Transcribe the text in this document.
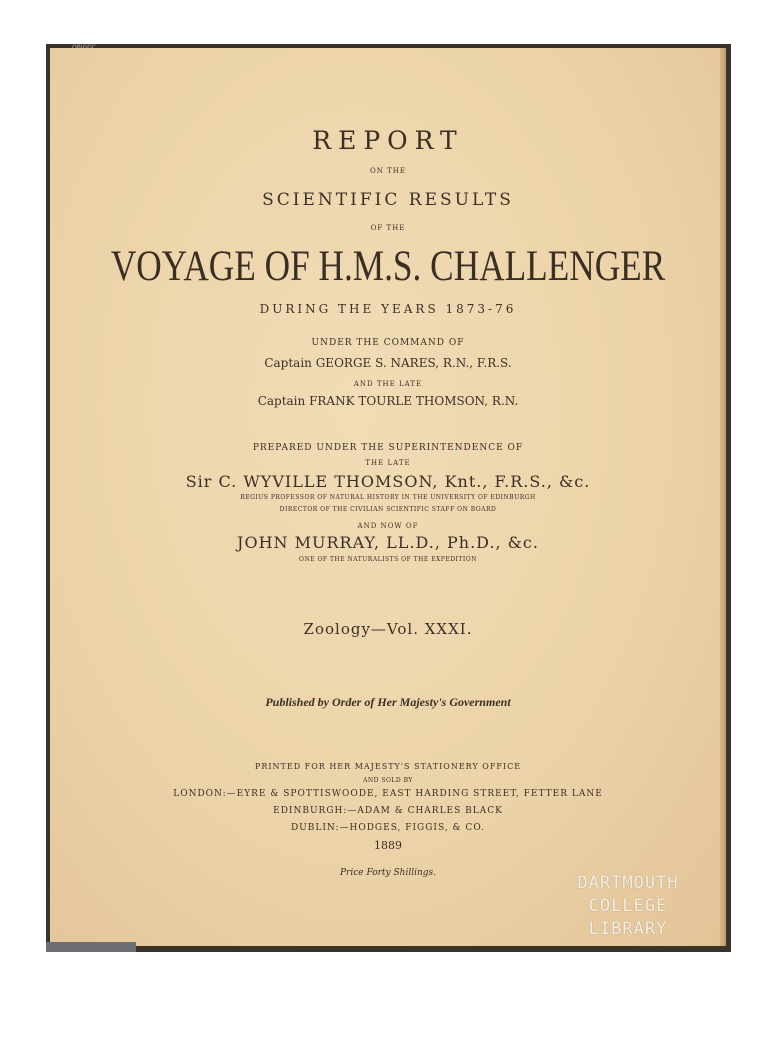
REPORT
ON THE
SCIENTIFIC RESULTS
OF THE
VOYAGE OF H.M.S. CHALLENGER
DURING THE YEARS 1873-76
UNDER THE COMMAND OF
Captain GEORGE S. NARES, R.N., F.R.S.
AND THE LATE
Captain FRANK TOURLE THOMSON, R.N.
PREPARED UNDER THE SUPERINTENDENCE OF
THE LATE
Sir C. WYVILLE THOMSON, Knt., F.R.S., &c.
REGIUS PROFESSOR OF NATURAL HISTORY IN THE UNIVERSITY OF EDINBURGH
DIRECTOR OF THE CIVILIAN SCIENTIFIC STAFF ON BOARD
AND NOW OF
JOHN MURRAY, LL.D., Ph.D., &c.
ONE OF THE NATURALISTS OF THE EXPEDITION
Zoology—Vol. XXXI.
Published by Order of Her Majesty's Government
PRINTED FOR HER MAJESTY'S STATIONERY OFFICE
AND SOLD BY
LONDON:—EYRE & SPOTTISWOODE, EAST HARDING STREET, FETTER LANE
EDINBURGH:—ADAM & CHARLES BLACK
DUBLIN:—HODGES, FIGGIS, & CO.
1889
Price Forty Shillings.	DARTMOUTH
COLLEGE
LIBRARY
